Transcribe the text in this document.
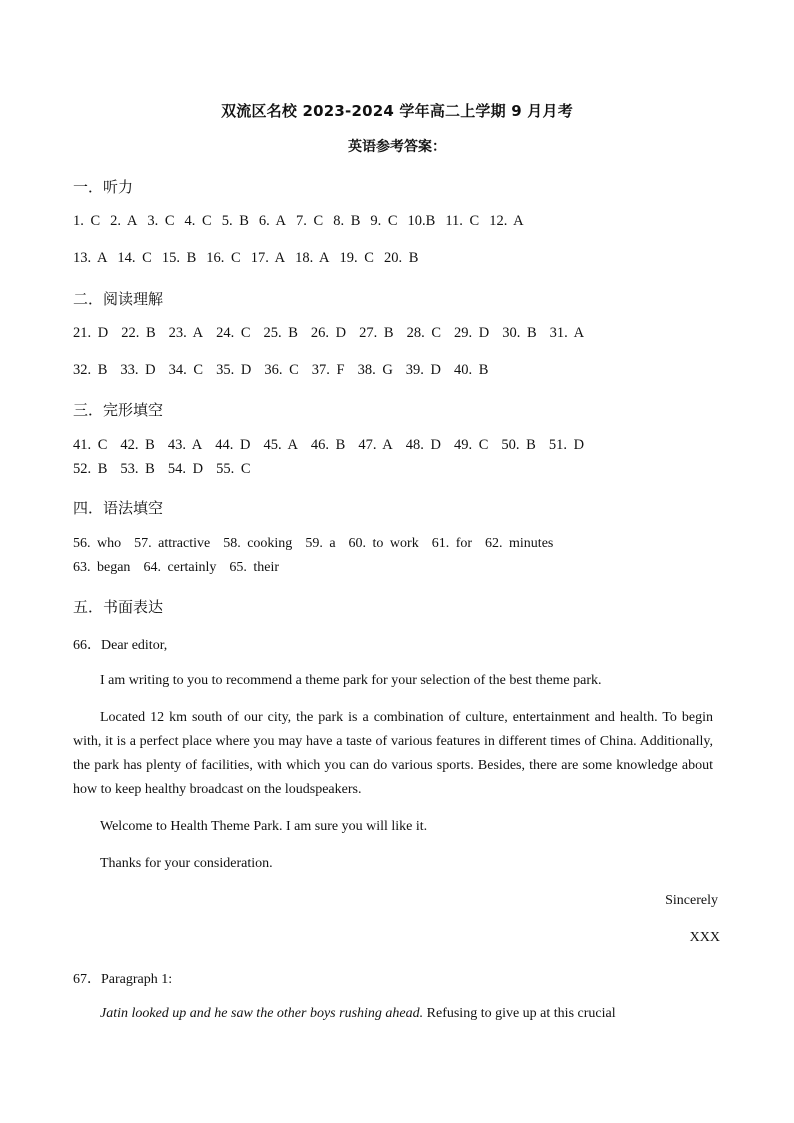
双流区名校 2023-2024 学年高二上学期 9 月月考
英语参考答案：
一．听力
1. C 2. A 3. C 4. C 5. B 6. A 7. C 8. B 9. C 10.B 11. C 12. A
13. A 14. C 15. B 16. C 17. A 18. A 19. C 20. B
二．阅读理解
21. D 22. B 23. A 24. C 25. B 26. D 27. B 28. C 29. D 30. B 31. A
32. B 33. D 34. C 35. D 36. C 37. F 38. G 39. D 40. B
三．完形填空
41. C 42. B 43. A 44. D 45. A 46. B 47. A 48. D 49. C 50. B 51. D
52. B 53. B 54. D 55. C
四．语法填空
56. who 57. attractive 58. cooking 59. a 60. to work 61. for 62. minutes
63. began 64. certainly 65. their
五．书面表达
66．Dear editor,
I am writing to you to recommend a theme park for your selection of the best theme park.
Located 12 km south of our city, the park is a combination of culture, entertainment and health. To begin with, it is a perfect place where you may have a taste of various features in different times of China. Additionally, the park has plenty of facilities, with which you can do various sports. Besides, there are some knowledge about how to keep healthy broadcast on the loudspeakers.
Welcome to Health Theme Park. I am sure you will like it.
Thanks for your consideration.
Sincerely
XXX
67．Paragraph 1:
Jatin looked up and he saw the other boys rushing ahead. Refusing to give up at this crucial
